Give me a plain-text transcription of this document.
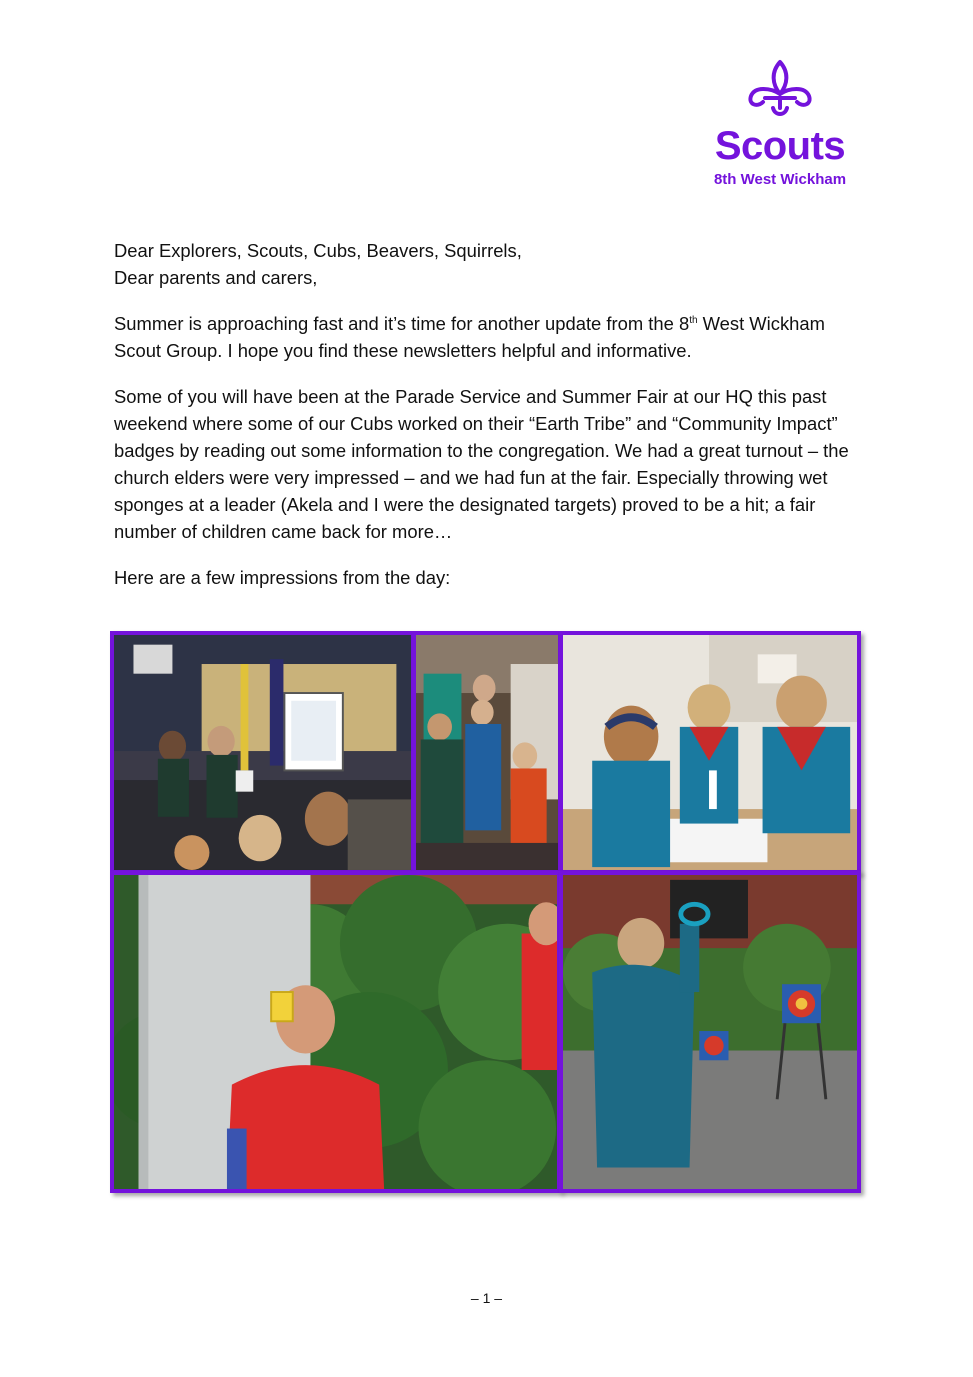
Scouts
8th West Wickham

Dear Explorers, Scouts, Cubs, Beavers, Squirrels,

Dear parents and carers,

Summer is approaching fast and it’s time for another update from the 8th West Wickham Scout Group. I hope you find these newsletters helpful and informative.

Some of you will have been at the Parade Service and Summer Fair at our HQ this past weekend where some of our Cubs worked on their “Earth Tribe” and “Community Impact” badges by reading out some information to the congregation. We had a great turnout – the church elders were very impressed – and we had fun at the fair. Especially throwing wet sponges at a leader (Akela and I were the designated targets) proved to be a hit; a fair number of children came back for more…

Here are a few impressions from the day:

– 1 –
